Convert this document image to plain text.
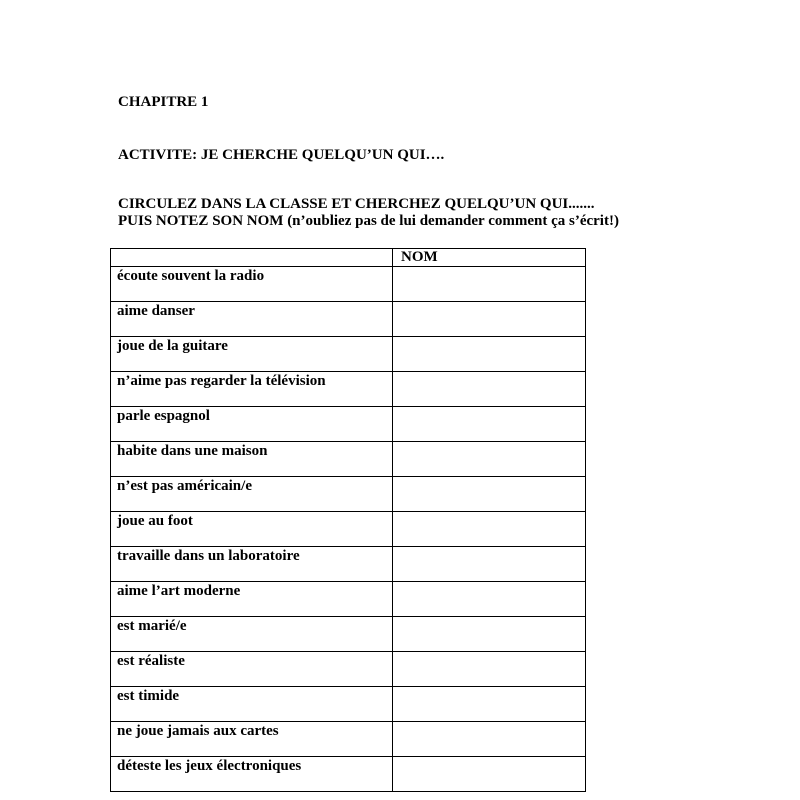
CHAPITRE 1
ACTIVITE: JE CHERCHE QUELQU’UN QUI….
CIRCULEZ DANS LA CLASSE ET CHERCHEZ QUELQU’UN QUI.......
PUIS NOTEZ SON NOM (n’oubliez pas de lui demander comment ça s’écrit!)
NOM
écoute souvent la radio
aime danser
joue de la guitare
n’aime pas regarder la télévision
parle espagnol
habite dans une maison
n’est pas américain/e
joue au foot
travaille dans un laboratoire
aime l’art moderne
est marié/e
est réaliste
est timide
ne joue jamais aux cartes
déteste les jeux électroniques
